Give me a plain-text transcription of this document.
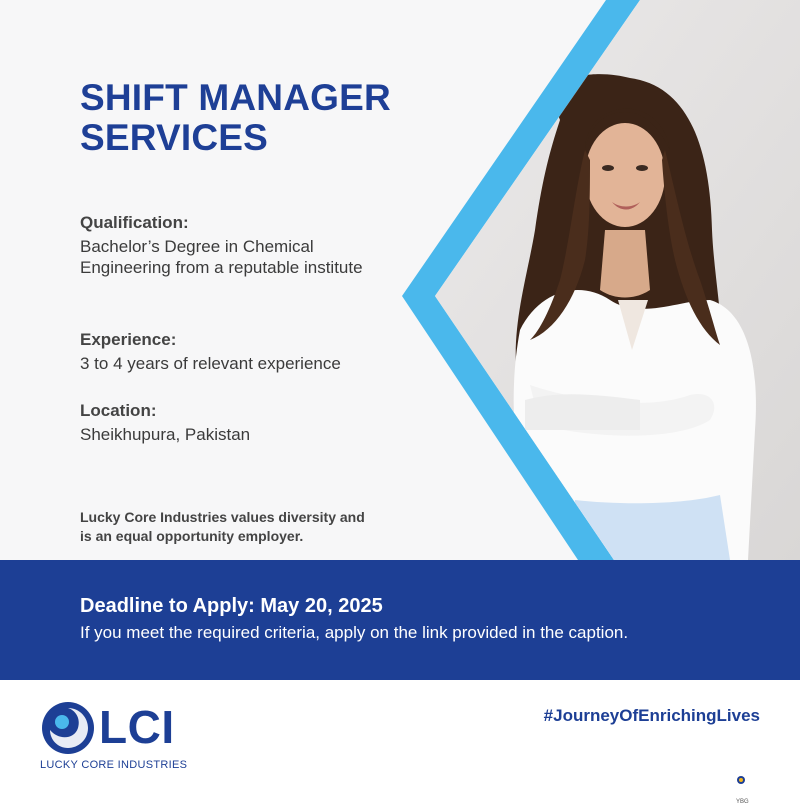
SHIFT MANAGER
SERVICES
Qualification:
Bachelor’s Degree in Chemical Engineering from a reputable institute
Experience:
3 to 4 years of relevant experience
Location:
Sheikhupura, Pakistan
Lucky Core Industries values diversity and is an equal opportunity employer.
Deadline to Apply: May 20, 2025
If you meet the required criteria, apply on the link provided in the caption.
LCI
LUCKY CORE INDUSTRIES
#JourneyOfEnrichingLives
YBG
